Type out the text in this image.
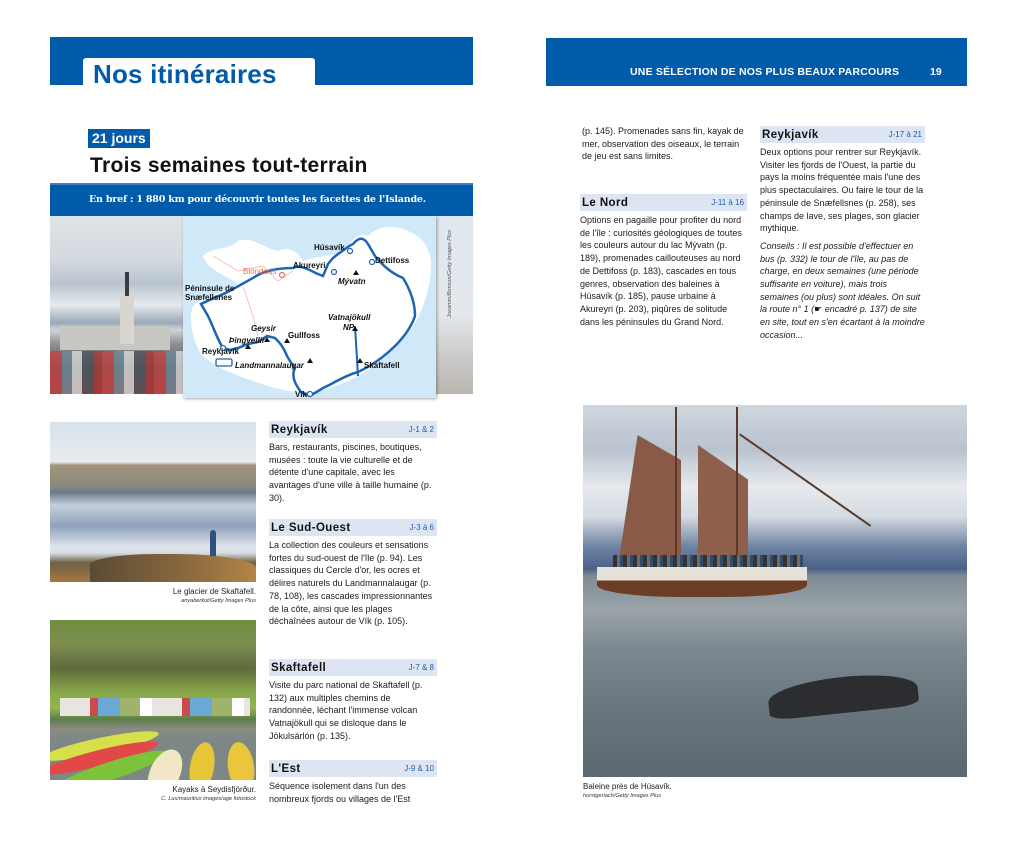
Nos itinéraires
21 jours
Trois semaines tout-terrain
En bref : 1 880 km pour découvrir toutes les facettes de l'Islande.
Joeamm/Benson/Getty Images Plus
Húsavík
Akureyri
Dettifoss
Blönduós
Mývatn
Péninsule de
Snæfellsnes
Vatnajökull
NP
Geysir
Gullfoss
Þingvellir
Reykjavík
Landmannalaugar	Skaftafell
Vík
Le glacier de Skaftafell.
anyaberkut/Getty Images Plus
Kayaks à Seydisfjörður.
C. Lux/mauritius images/age fotostock
Reykjavík	J-1 & 2
Bars, restaurants, piscines, boutiques, musées : toute la vie culturelle et de détente d'une capitale, avec les avantages d'une ville à taille humaine (p. 30).
Le Sud-Ouest	J-3 à 6
La collection des couleurs et sensations fortes du sud-ouest de l'île (p. 94). Les classiques du Cercle d'or, les ocres et délires naturels du Landmannalaugar (p. 78, 108), les cascades impressionnantes de la côte, ainsi que les plages déchaînées autour de Vík (p. 105).
Skaftafell	J-7 & 8
Visite du parc national de Skaftafell (p. 132) aux multiples chemins de randonnée, léchant l'immense volcan Vatnajökull qui se disloque dans le Jökulsárlón (p. 135).
L'Est	J-9 & 10
Séquence isolement dans l'un des nombreux fjords ou villages de l'Est
UNE SÉLECTION DE NOS PLUS BEAUX PARCOURS	19
(p. 145). Promenades sans fin, kayak de mer, observation des oiseaux, le terrain de jeu est sans limites.
Le Nord	J-11 à 16
Options en pagaille pour profiter du nord de l'île : curiosités géologiques de toutes les couleurs autour du lac Mývatn (p. 189), promenades caillouteuses au nord de Dettifoss (p. 183), cascades en tous genres, observation des baleines à Húsavík (p. 185), pause urbaine à Akureyri (p. 203), piqûres de solitude dans les péninsules du Grand Nord.
Reykjavík	J-17 à 21
Deux options pour rentrer sur Reykjavík. Visiter les fjords de l'Ouest, la partie du pays la moins fréquentée mais l'une des plus spectaculaires. Ou faire le tour de la péninsule de Snæfellsnes (p. 258), ses champs de lave, ses plages, son glacier mythique.
Conseils : Il est possible d'effectuer en bus (p. 332) le tour de l'île, au pas de charge, en deux semaines (une période suffisante en voiture), mais trois semaines (ou plus) sont idéales. On suit la route n° 1 (☛ encadré p. 137) de site en site, tout en s'en écartant à la moindre occasion...
Baleine près de Húsavík.
horstgerlach/Getty Images Plus
